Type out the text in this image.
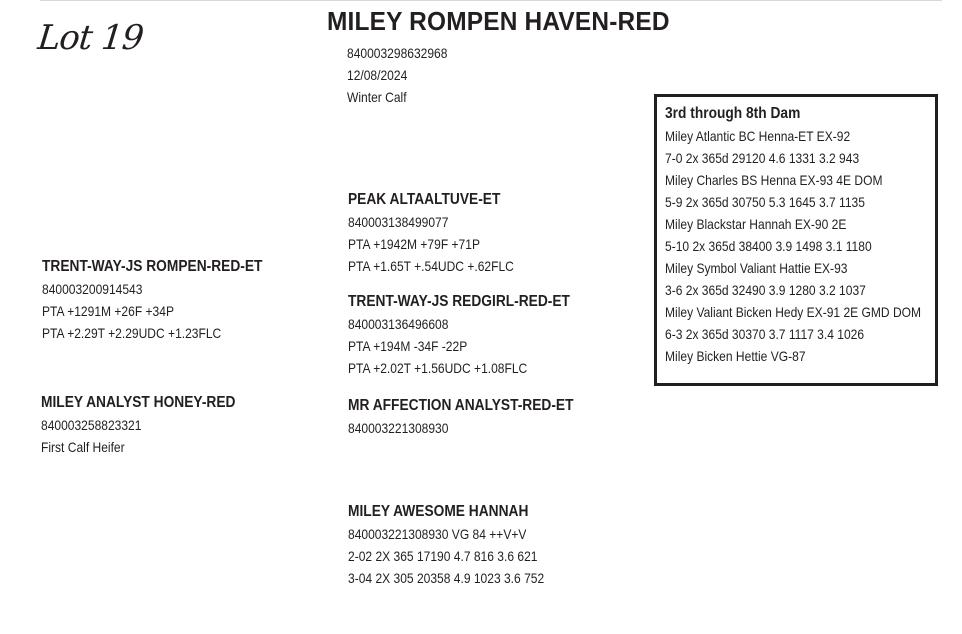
Lot 19	MILEY ROMPEN HAVEN-RED
840003298632968
12/08/2024
Winter Calf
TRENT-WAY-JS ROMPEN-RED-ET
840003200914543
PTA +1291M +26F +34P
PTA +2.29T +2.29UDC +1.23FLC
MILEY ANALYST HONEY-RED
840003258823321
First Calf Heifer
PEAK ALTAALTUVE-ET
840003138499077
PTA +1942M +79F +71P
PTA +1.65T +.54UDC +.62FLC
TRENT-WAY-JS REDGIRL-RED-ET
840003136496608
PTA +194M -34F -22P
PTA +2.02T +1.56UDC +1.08FLC
MR AFFECTION ANALYST-RED-ET
840003221308930
MILEY AWESOME HANNAH
840003221308930 VG 84 ++V+V
2-02 2X 365 17190 4.7 816 3.6 621
3-04 2X 305 20358 4.9 1023 3.6 752
3rd through 8th Dam
Miley Atlantic BC Henna-ET EX-92
7-0 2x 365d 29120 4.6 1331 3.2 943
Miley Charles BS Henna EX-93 4E DOM
5-9 2x 365d 30750 5.3 1645 3.7 1135
Miley Blackstar Hannah EX-90 2E
5-10 2x 365d 38400 3.9 1498 3.1 1180
Miley Symbol Valiant Hattie EX-93
3-6 2x 365d 32490 3.9 1280 3.2 1037
Miley Valiant Bicken Hedy EX-91 2E GMD DOM
6-3 2x 365d 30370 3.7 1117 3.4 1026
Miley Bicken Hettie VG-87
